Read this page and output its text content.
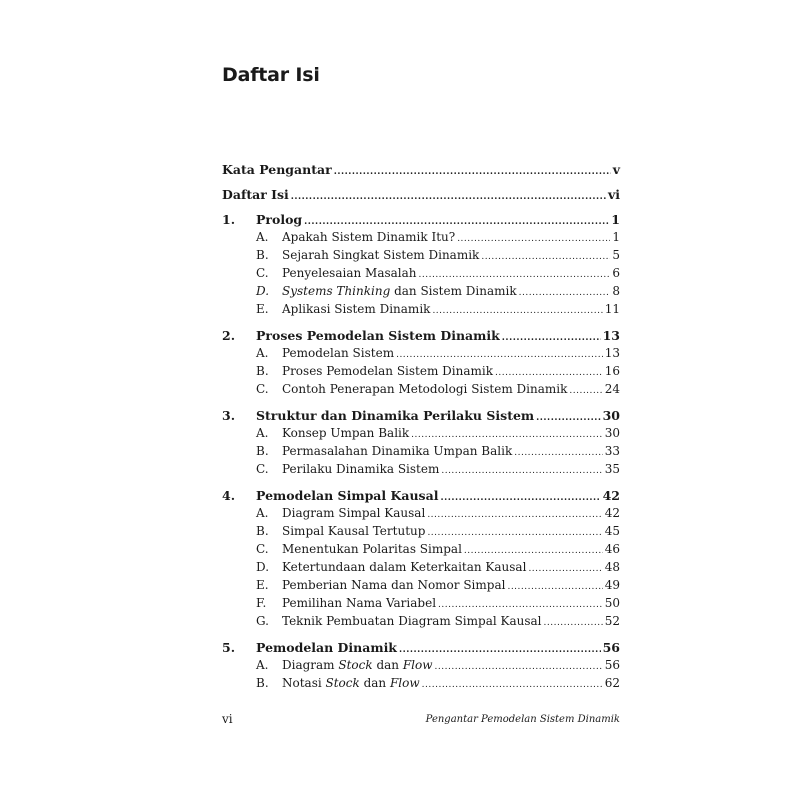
Daftar Isi
Kata Pengantar .....	v
Daftar Isi .....	vi
1.	Prolog .....	1
A.	Apakah Sistem Dinamik Itu? .....	1
B.	Sejarah Singkat Sistem Dinamik .....	5
C.	Penyelesaian Masalah .....	6
D.	Systems Thinking dan Sistem Dinamik .....	8
E.	Aplikasi Sistem Dinamik .....	11
2.	Proses Pemodelan Sistem Dinamik .....	13
A.	Pemodelan Sistem .....	13
B.	Proses Pemodelan Sistem Dinamik .....	16
C.	Contoh Penerapan Metodologi Sistem Dinamik .....	24
3.	Struktur dan Dinamika Perilaku Sistem .....	30
A.	Konsep Umpan Balik .....	30
B.	Permasalahan Dinamika Umpan Balik .....	33
C.	Perilaku Dinamika Sistem .....	35
4.	Pemodelan Simpal Kausal .....	42
A.	Diagram Simpal Kausal .....	42
B.	Simpal Kausal Tertutup .....	45
C.	Menentukan Polaritas Simpal .....	46
D.	Ketertundaan dalam Keterkaitan Kausal .....	48
E.	Pemberian Nama dan Nomor Simpal .....	49
F.	Pemilihan Nama Variabel .....	50
G.	Teknik Pembuatan Diagram Simpal Kausal .....	52
5.	Pemodelan Dinamik .....	56
A.	Diagram Stock dan Flow .....	56
B.	Notasi Stock dan Flow .....	62
vi	Pengantar Pemodelan Sistem Dinamik
